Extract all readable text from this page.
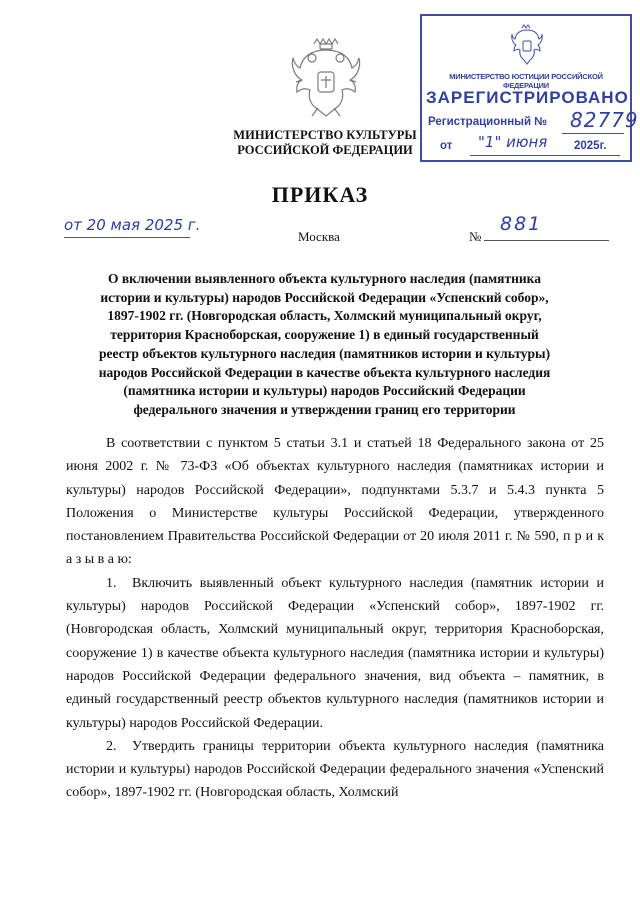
МИНИСТЕРСТВО КУЛЬТУРЫ
РОССИЙСКОЙ ФЕДЕРАЦИИ
МИНИСТЕРСТВО ЮСТИЦИИ РОССИЙСКОЙ ФЕДЕРАЦИИ
ЗАРЕГИСТРИРОВАНО
Регистрационный № 82779
от "1" июня 2025г.
ПРИКАЗ
от 20 мая 2025 г.
Москва	№
881
О включении выявленного объекта культурного наследия (памятника
истории и культуры) народов Российской Федерации «Успенский собор»,
1897-1902 гг. (Новгородская область, Холмский муниципальный округ,
территория Красноборская, сооружение 1) в единый государственный
реестр объектов культурного наследия (памятников истории и культуры)
народов Российской Федерации в качестве объекта культурного наследия
(памятника истории и культуры) народов Российский Федерации
федерального значения и утверждении границ его территории

В соответствии с пунктом 5 статьи 3.1 и статьей 18 Федерального закона от 25 июня 2002 г. № 73-ФЗ «Об объектах культурного наследия (памятниках истории и культуры) народов Российской Федерации», подпунктами 5.3.7 и 5.4.3 пункта 5 Положения о Министерстве культуры Российской Федерации, утвержденного постановлением Правительства Российской Федерации от 20 июля 2011 г. № 590, п р и к а з ы в а ю:

1. Включить выявленный объект культурного наследия (памятник истории и культуры) народов Российской Федерации «Успенский собор», 1897-1902 гг. (Новгородская область, Холмский муниципальный округ, территория Красноборская, сооружение 1) в качестве объекта культурного наследия (памятника истории и культуры) народов Российской Федерации федерального значения, вид объекта – памятник, в единый государственный реестр объектов культурного наследия (памятников истории и культуры) народов Российской Федерации.

2. Утвердить границы территории объекта культурного наследия (памятника истории и культуры) народов Российской Федерации федерального значения «Успенский собор», 1897-1902 гг. (Новгородская область, Холмский
